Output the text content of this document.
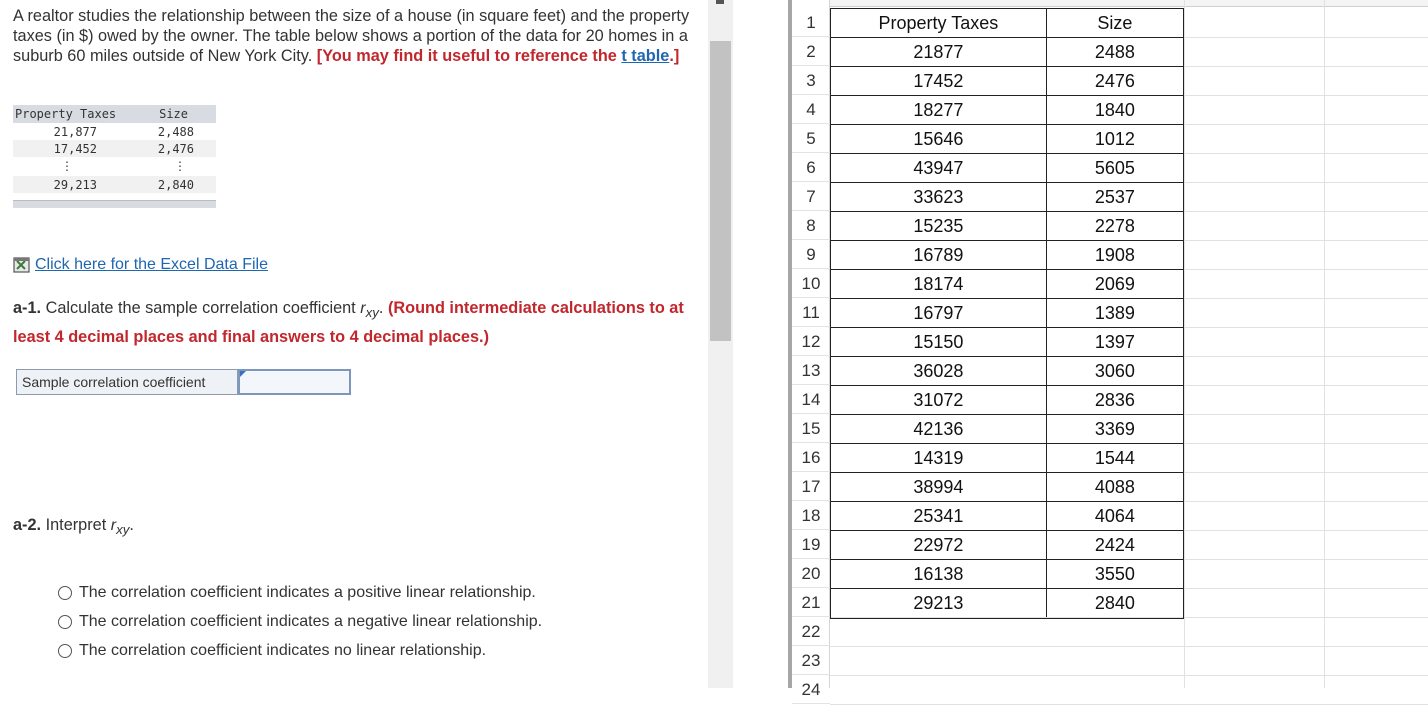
A realtor studies the relationship between the size of a house (in square feet) and the property taxes (in $) owed by the owner. The table below shows a portion of the data for 20 homes in a suburb 60 miles outside of New York City. [You may find it useful to reference the t table.]
Property Taxes	Size
21,877	2,488
17,452	2,476
⋮	⋮
29,213	2,840
Click here for the Excel Data File
a-1. Calculate the sample correlation coefficient $r_{xy}$. (Round intermediate calculations to at least 4 decimal places and final answers to 4 decimal places.)
Sample correlation coefficient
a-2. Interpret $r_{xy}$.
The correlation coefficient indicates a positive linear relationship.
The correlation coefficient indicates a negative linear relationship.
The correlation coefficient indicates no linear relationship.
1
2
3
4
5
6
7
8
9
10
11
12
13
14
15
16
17
18
19
20
21
22
23
24
Property Taxes	Size
21877	2488
17452	2476
18277	1840
15646	1012
43947	5605
33623	2537
15235	2278
16789	1908
18174	2069
16797	1389
15150	1397
36028	3060
31072	2836
42136	3369
14319	1544
38994	4088
25341	4064
22972	2424
16138	3550
29213	2840
